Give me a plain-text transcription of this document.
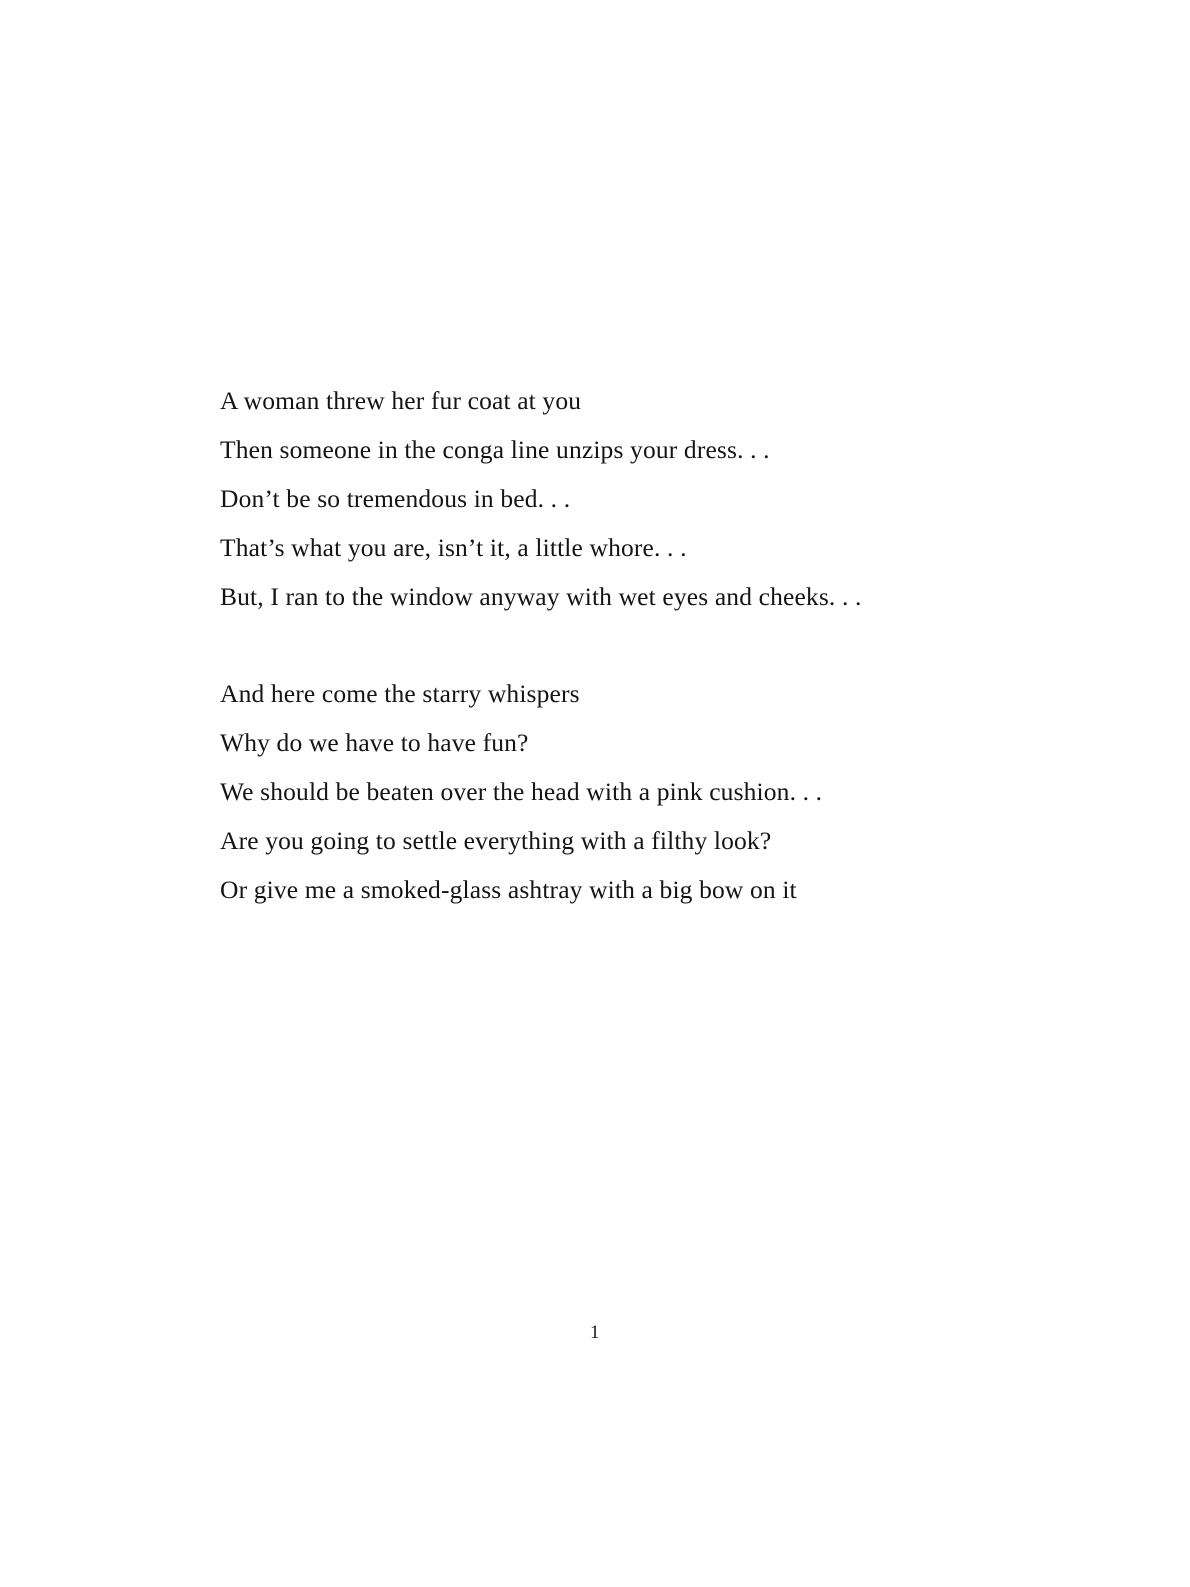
A woman threw her fur coat at you
Then someone in the conga line unzips your dress. . .
Don’t be so tremendous in bed. . .
That’s what you are, isn’t it, a little whore. . .
But, I ran to the window anyway with wet eyes and cheeks. . .
And here come the starry whispers
Why do we have to have fun?
We should be beaten over the head with a pink cushion. . .
Are you going to settle everything with a filthy look?
Or give me a smoked-glass ashtray with a big bow on it
1
